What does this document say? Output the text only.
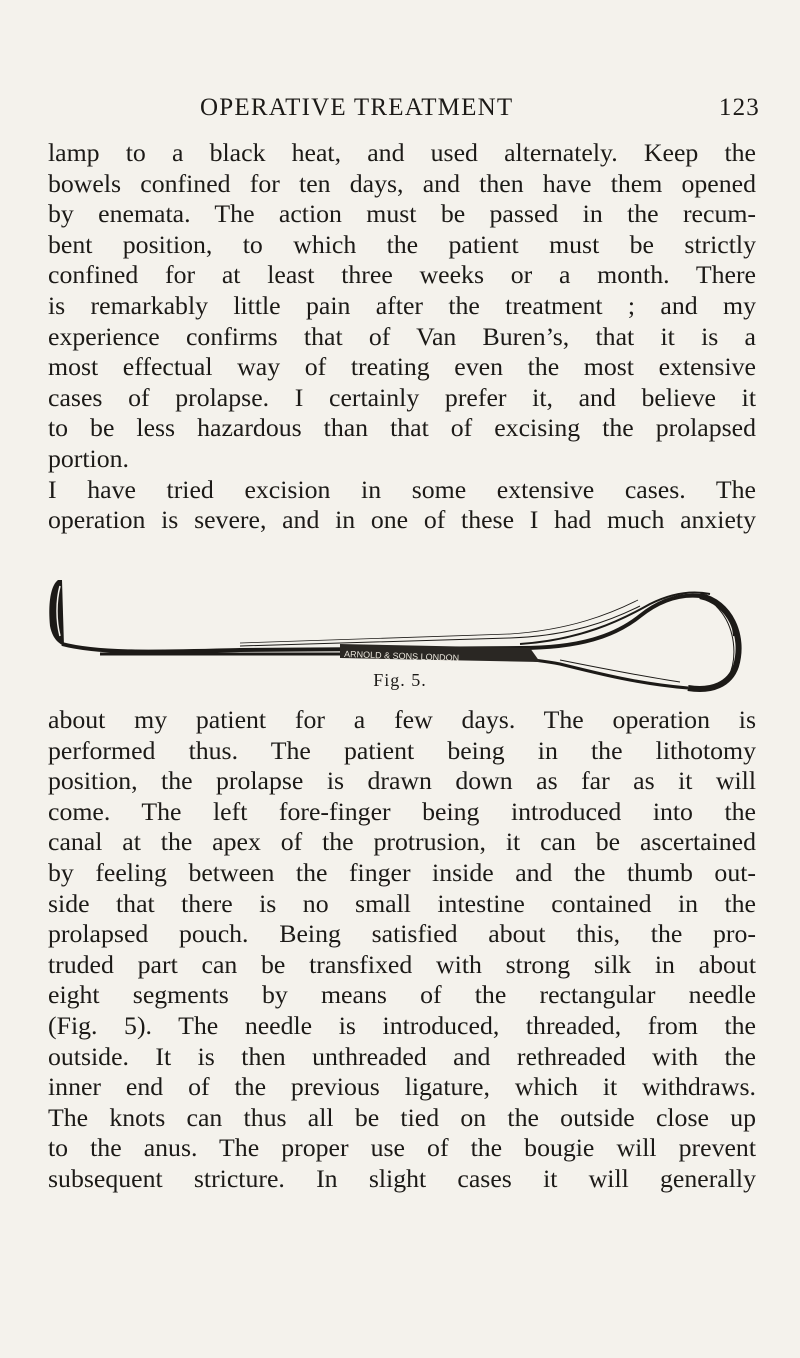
OPERATIVE TREATMENT	123
lamp to a black heat, and used alternately. Keep the
bowels confined for ten days, and then have them opened
by enemata. The action must be passed in the recum-
bent position, to which the patient must be strictly
confined for at least three weeks or a month. There
is remarkably little pain after the treatment ; and my
experience confirms that of Van Buren’s, that it is a
most effectual way of treating even the most extensive
cases of prolapse. I certainly prefer it, and believe it
to be less hazardous than that of excising the prolapsed
portion.
I have tried excision in some extensive cases. The
operation is severe, and in one of these I had much anxiety
ARNOLD & SONS LONDON
Fig. 5.
about my patient for a few days. The operation is
performed thus. The patient being in the lithotomy
position, the prolapse is drawn down as far as it will
come. The left fore-finger being introduced into the
canal at the apex of the protrusion, it can be ascertained
by feeling between the finger inside and the thumb out-
side that there is no small intestine contained in the
prolapsed pouch. Being satisfied about this, the pro-
truded part can be transfixed with strong silk in about
eight segments by means of the rectangular needle
(Fig. 5). The needle is introduced, threaded, from the
outside. It is then unthreaded and rethreaded with the
inner end of the previous ligature, which it withdraws.
The knots can thus all be tied on the outside close up
to the anus. The proper use of the bougie will prevent
subsequent stricture. In slight cases it will generally
